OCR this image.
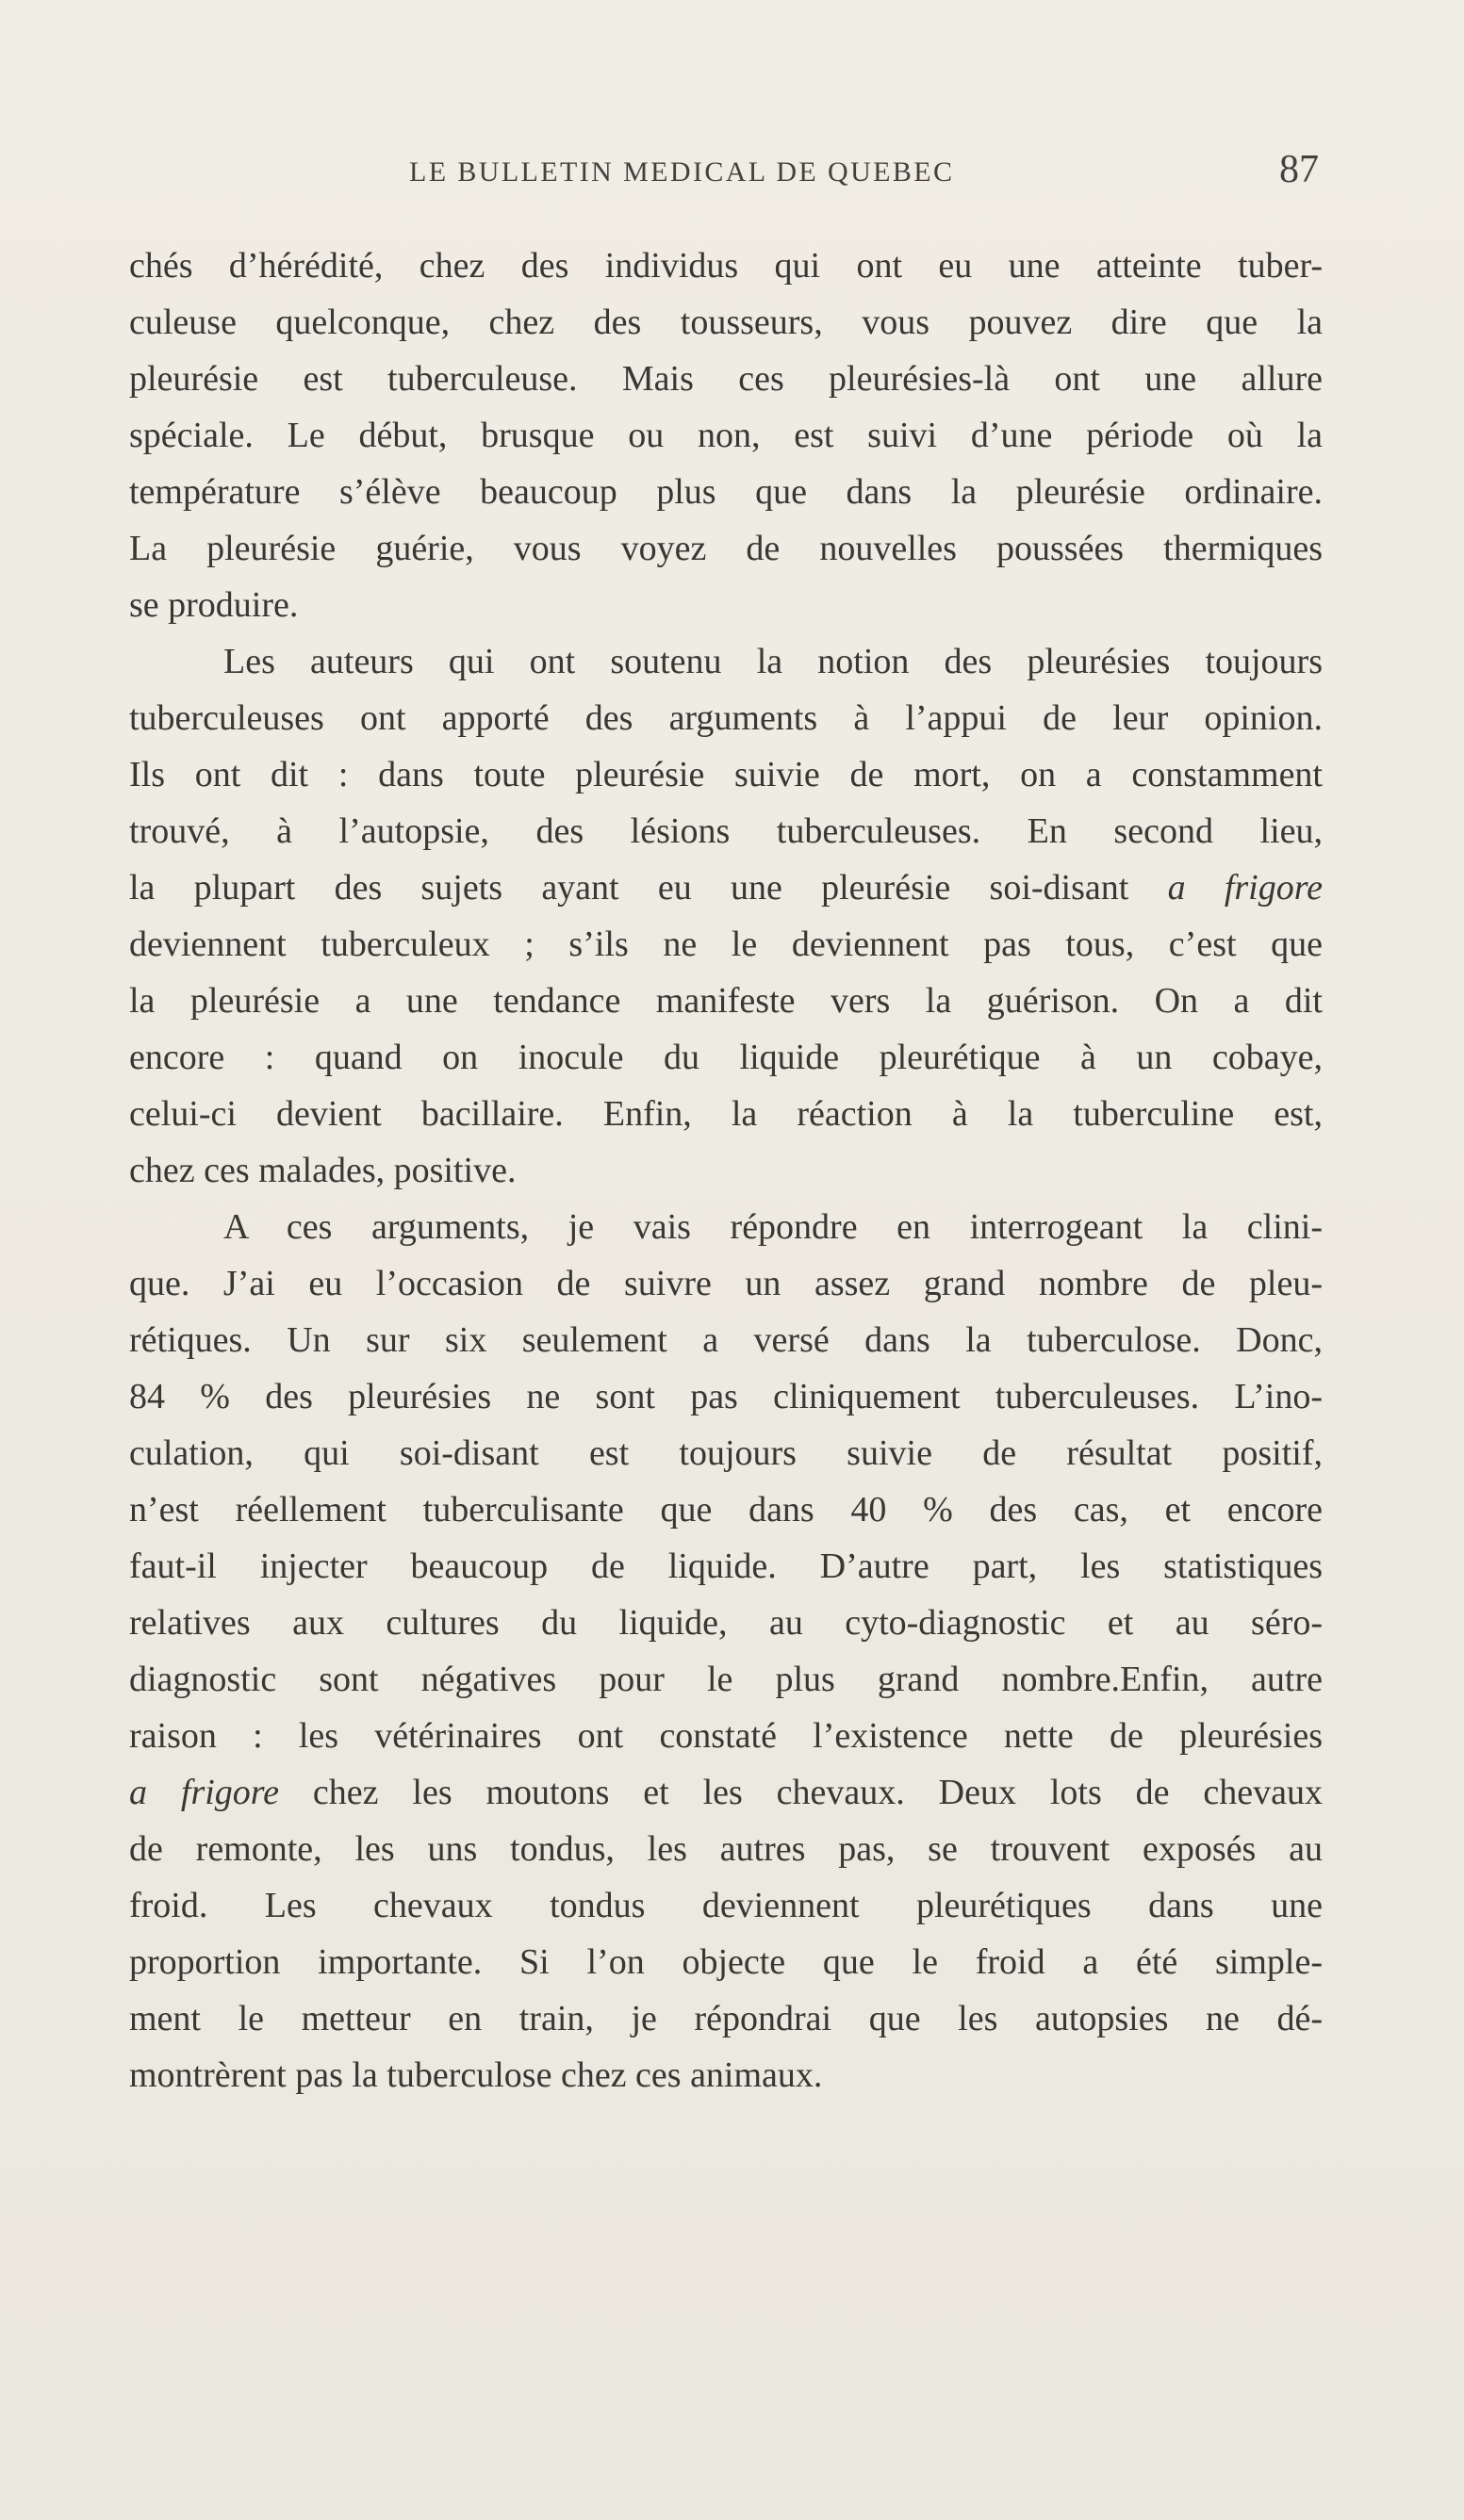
LE BULLETIN MEDICAL DE QUEBEC	87
chés d’hérédité, chez des individus qui ont eu une atteinte tuber-
culeuse quelconque, chez des tousseurs, vous pouvez dire que la
pleurésie est tuberculeuse. Mais ces pleurésies-là ont une allure
spéciale. Le début, brusque ou non, est suivi d’une période où la
température s’élève beaucoup plus que dans la pleurésie ordinaire.
La pleurésie guérie, vous voyez de nouvelles poussées thermiques
se produire.
Les auteurs qui ont soutenu la notion des pleurésies toujours
tuberculeuses ont apporté des arguments à l’appui de leur opinion.
Ils ont dit : dans toute pleurésie suivie de mort, on a constamment
trouvé, à l’autopsie, des lésions tuberculeuses. En second lieu,
la plupart des sujets ayant eu une pleurésie soi-disant a frigore
deviennent tuberculeux ; s’ils ne le deviennent pas tous, c’est que
la pleurésie a une tendance manifeste vers la guérison. On a dit
encore : quand on inocule du liquide pleurétique à un cobaye,
celui-ci devient bacillaire. Enfin, la réaction à la tuberculine est,
chez ces malades, positive.
A ces arguments, je vais répondre en interrogeant la clini-
que. J’ai eu l’occasion de suivre un assez grand nombre de pleu-
rétiques. Un sur six seulement a versé dans la tuberculose. Donc,
84 % des pleurésies ne sont pas cliniquement tuberculeuses. L’ino-
culation, qui soi-disant est toujours suivie de résultat positif,
n’est réellement tuberculisante que dans 40 % des cas, et encore
faut-il injecter beaucoup de liquide. D’autre part, les statistiques
relatives aux cultures du liquide, au cyto-diagnostic et au séro-
diagnostic sont négatives pour le plus grand nombre.Enfin, autre
raison : les vétérinaires ont constaté l’existence nette de pleurésies
a frigore chez les moutons et les chevaux. Deux lots de chevaux
de remonte, les uns tondus, les autres pas, se trouvent exposés au
froid. Les chevaux tondus deviennent pleurétiques dans une
proportion importante. Si l’on objecte que le froid a été simple-
ment le metteur en train, je répondrai que les autopsies ne dé-
montrèrent pas la tuberculose chez ces animaux.
